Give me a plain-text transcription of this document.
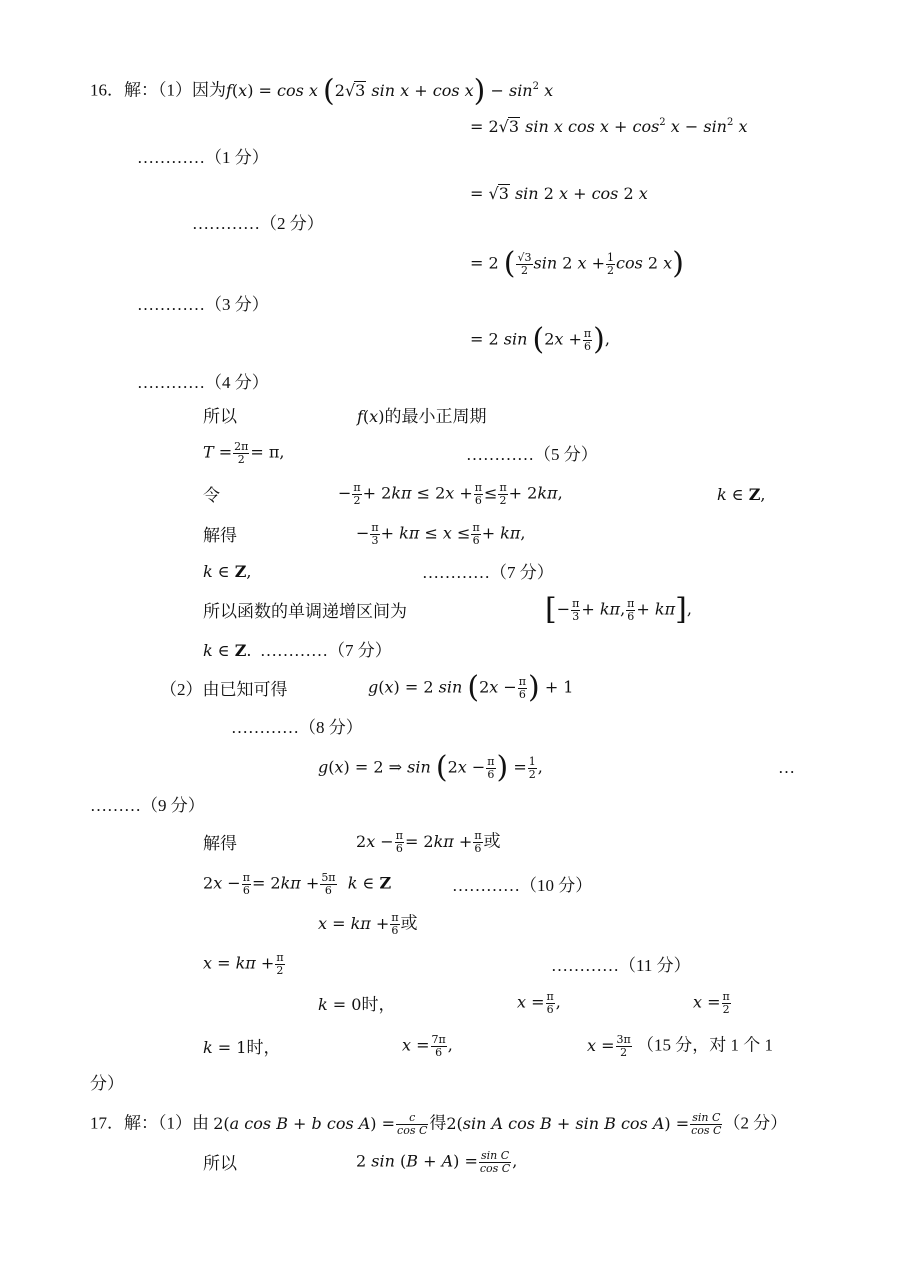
16．解：（1）因为f(x) = cos x (2√3 $\sin x + \cos x) - \sin^2 x$
= 2√3 sin x $\cos x + \cos^2 x - \sin^2 x$
…………（1 分）
= √3 sin 2 x + cos 2 x
…………（2 分）
= 2 ( $\frac{√3}{2}$ sin 2 $x + \frac{1}{2}$ cos 2 x)
…………（3 分）
= 2 $\sin (2x + \frac{\pi}{6}$ ),
…………（4 分）
所以	f(x)的最小正周期
$T = \frac{2\pi}{2} = \pi$,	…………（5 分）
令	− $\frac{\pi}{2} + 2k\pi \le 2x + \frac{\pi}{6} \le \frac{\pi}{2} + 2k\pi$,	k ∈ Z,
解得	− $\frac{\pi}{3} + k\pi \le x \le \frac{\pi}{6} + k\pi$,
k ∈ Z,	…………（7 分）
所以函数的单调递增区间为	[− $\frac{\pi}{3} + k\pi$, $\frac{\pi}{6} + k\pi$],
k ∈ Z. …………（7 分）
（2）由已知可得	g(x) = 2 $\sin (2x - \frac{\pi}{6}$ ) + 1
…………（8 分）
g(x) = 2 ⇒ $\sin (2x - \frac{\pi}{6}$ ) = $\frac{1}{2}$ ,	…
………（9 分）
解得	$2x - \frac{\pi}{6} = 2k\pi + \frac{\pi}{6}$ 或
$2x - \frac{\pi}{6} = 2k\pi + \frac{5\pi}{6}$ k ∈ Z	…………（10 分）
$x = k\pi + \frac{\pi}{6}$ 或
$x = k\pi + \frac{\pi}{2}$	…………（11 分）
k = 0时，	$x = \frac{\pi}{6}$ ,	$x = \frac{\pi}{2}$
k = 1时，	$x = \frac{7\pi}{6}$ ,	$x = \frac{3\pi}{2} (15$ 分，对 1 个 1
分）
17．解：（1）由 2(a cos B + b $\cos A) = \frac{c}{\text{cos C}}$ 得2(sin A cos B + sin B $\cos A) = \frac{\text{sin C}}{\text{cos C}} (2$ 分）
所以	2 $\sin (B + A) = \frac{\text{sin C}}{\text{cos C}}$ ,
